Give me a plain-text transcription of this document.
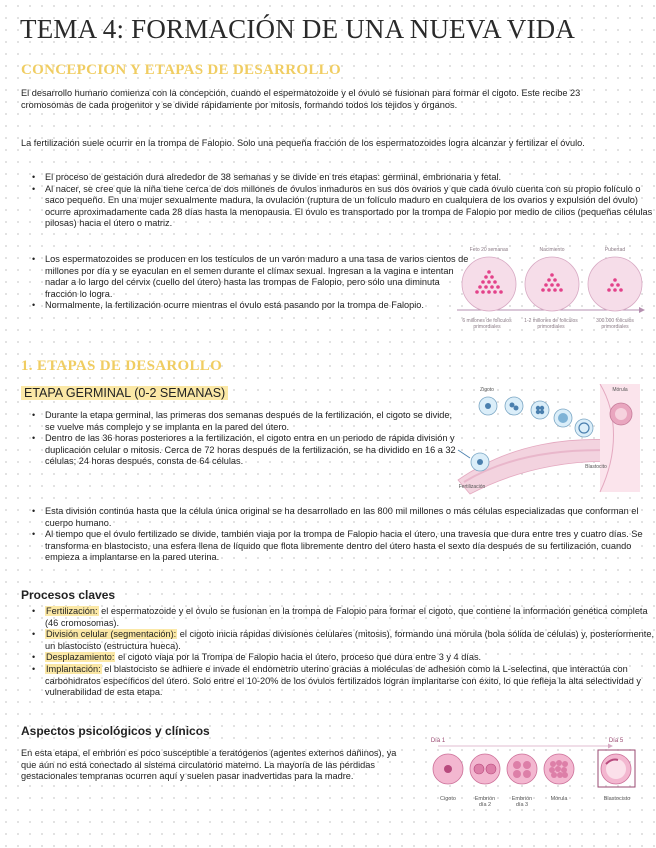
TEMA 4: FORMACIÓN DE UNA NUEVA VIDA
CONCEPCION Y ETAPAS DE DESARROLLO
El desarrollo humano comienza con la concepción, cuando el espermatozoide y el óvulo se fusionan para formar el cigoto. Este recibe 23 cromosomas de cada progenitor y se divide rápidamente por mitosis, formando todos los tejidos y órganos.
La fertilización suele ocurrir en la trompa de Falopio. Solo una pequeña fracción de los espermatozoides logra alcanzar y fertilizar el óvulo.
• El proceso de gestación dura alrededor de 38 semanas y se divide en tres etapas: germinal, embrionaria y fetal.
• Al nacer, se cree que la niña tiene cerca de dos millones de óvulos inmaduros en sus dos ovarios y que cada óvulo cuenta con su propio folículo o saco pequeño. En una mujer sexualmente madura, la ovulación (ruptura de un folículo maduro en cualquiera de los ovarios y expulsión del óvulo) ocurre aproximadamente cada 28 días hasta la menopausia. El óvulo es transportado por la trompa de Falopio por medio de cilios (pequeñas células pilosas) hacia el útero o matriz.
• Los espermatozoides se producen en los testículos de un varón maduro a una tasa de varios cientos de millones por día y se eyaculan en el semen durante el clímax sexual. Ingresan a la vagina e intentan nadar a lo largo del cérvix (cuello del útero) hasta las trompas de Falopio, pero sólo una diminuta fracción lo logra.
• Normalmente, la fertilización ocurre mientras el óvulo está pasando por la trompa de Falopio.
Feto 20 semanas	Nacimiento	Pubertad
6 millones de folículos primordiales
1-2 millones de folículos primordiales
300.000 folículos primordiales
1. ETAPAS DE DESAROLLO
ETAPA GERMINAL (0-2 SEMANAS)
• Durante la etapa germinal, las primeras dos semanas después de la fertilización, el cigoto se divide, se vuelve más complejo y se implanta en la pared del útero.
• Dentro de las 36 horas posteriores a la fertilización, el cigoto entra en un periodo de rápida división y duplicación celular o mitosis. Cerca de 72 horas después de la fertilización, se ha dividido en 16 a 32 células; 24 horas después, consta de 64 células.
• Esta división continúa hasta que la célula única original se ha desarrollado en las 800 mil millones o más células especializadas que conforman el cuerpo humano.
• Al tiempo que el óvulo fertilizado se divide, también viaja por la trompa de Falopio hacia el útero, una travesía que dura entre tres y cuatro días. Se transforma en blastocisto, una esfera llena de líquido que flota libremente dentro del útero hasta el sexto día después de su fertilización, cuando empieza a implantarse en la pared uterina.
Zigoto	Mórula
Blastocito
Fertilización
Procesos claves
• Fertilización: el espermatozoide y el óvulo se fusionan en la trompa de Falopio para formar el cigoto, que contiene la información genética completa (46 cromosomas).
• División celular (segmentación): el cigoto inicia rápidas divisiones celulares (mitosis), formando una mórula (bola sólida de células) y, posteriormente, un blastocisto (estructura hueca).
• Desplazamiento: el cigoto viaja por la Trompa de Falopio hacia el útero, proceso que dura entre 3 y 4 días.
• Implantación: el blastocisto se adhiere e invade el endometrio uterino gracias a moléculas de adhesión como la L-selectina, que interactúa con carbohidratos específicos del útero. Solo entre el 10-20% de los óvulos fertilizados logran implantarse con éxito, lo que refleja la alta selectividad y vulnerabilidad de esta etapa.
Aspectos psicológicos y clínicos
En esta etapa, el embrión es poco susceptible a teratógenos (agentes externos dañinos), ya que aún no está conectado al sistema circulatorio materno. La mayoría de las pérdidas gestacionales tempranas ocurren aquí y suelen pasar inadvertidas para la madre.
Día 1	Día 5
Cigoto	Embrión
día 2
Embrión
día 3
Mórula	Blastocisto
